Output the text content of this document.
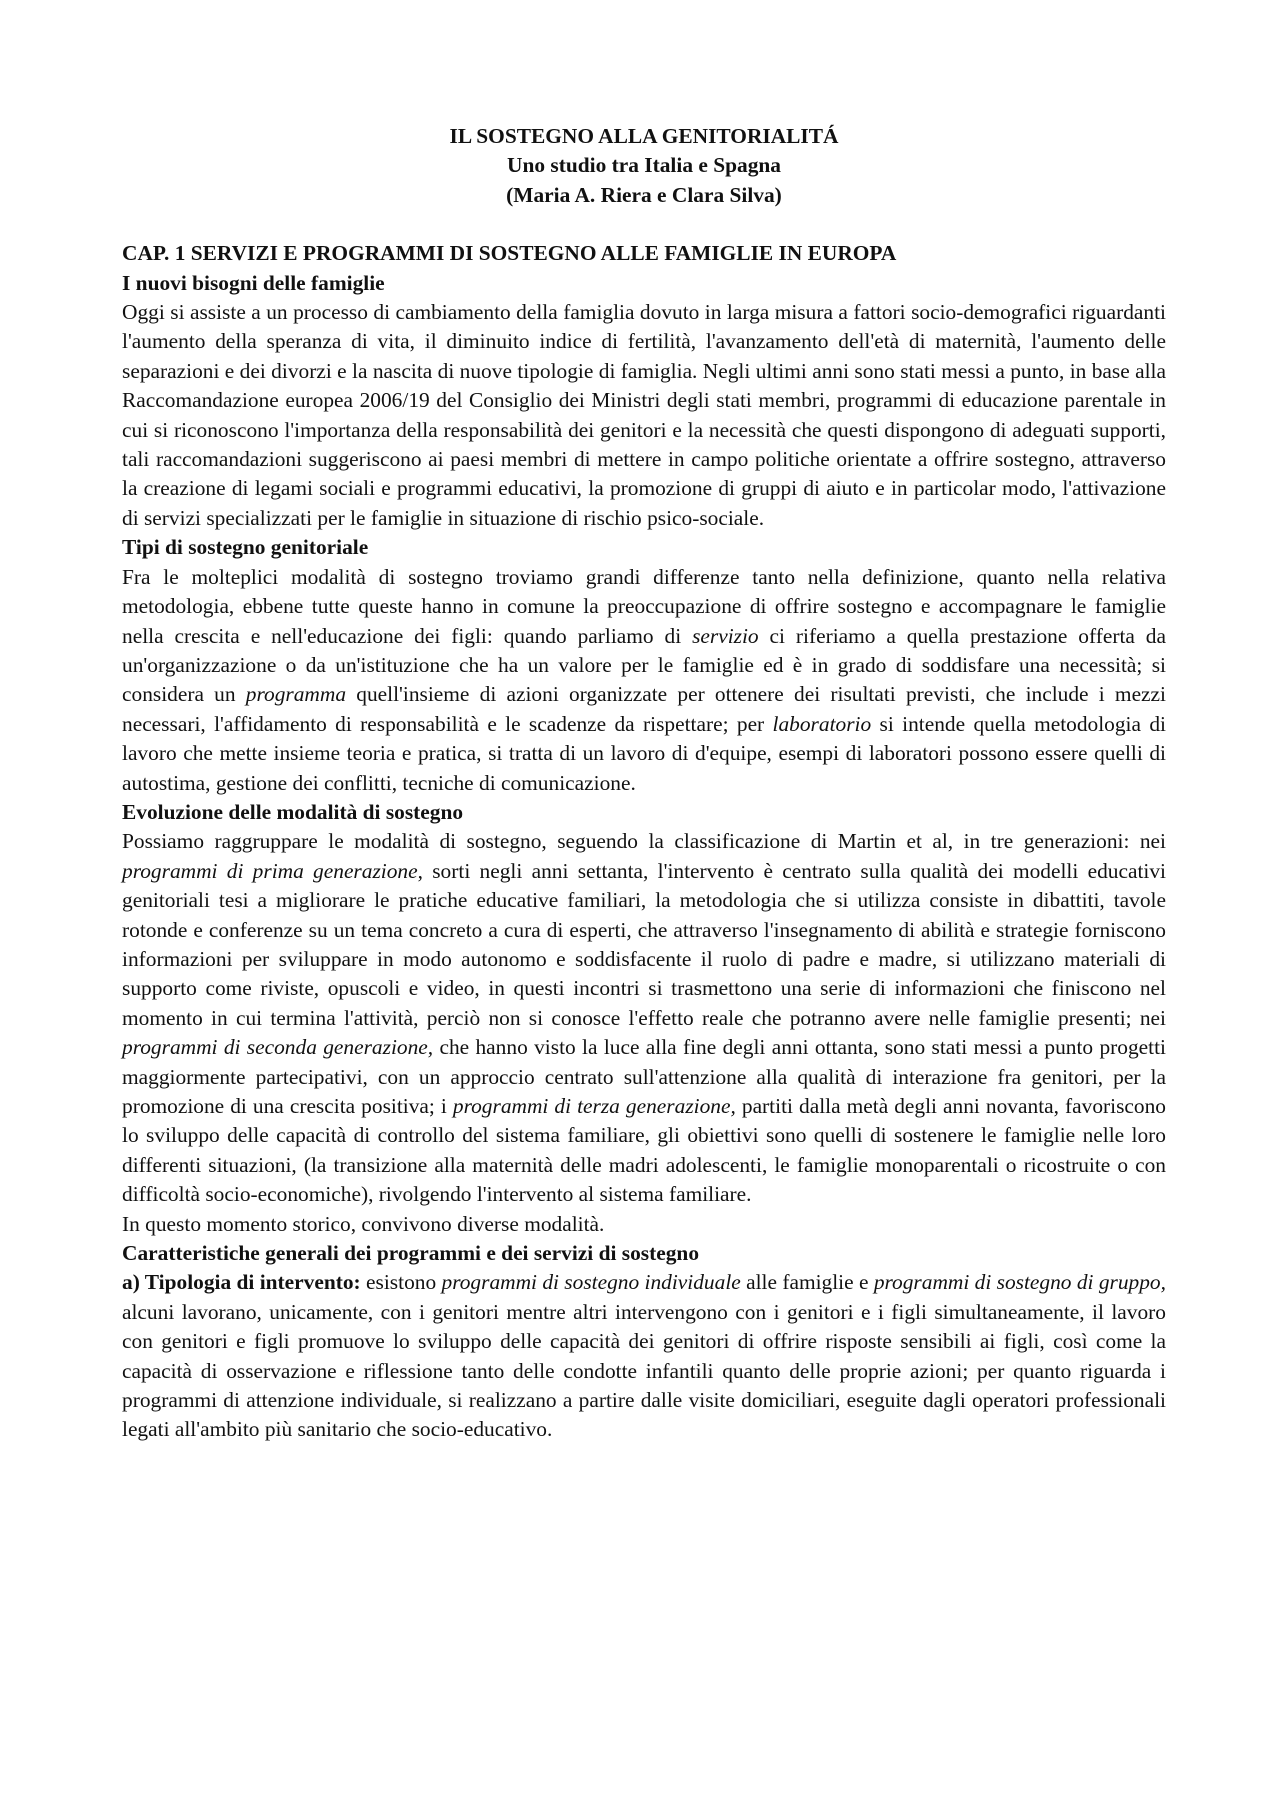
IL SOSTEGNO ALLA GENITORIALITÁ
Uno studio tra Italia e Spagna
(Maria A. Riera e Clara Silva)
CAP. 1 SERVIZI E PROGRAMMI DI SOSTEGNO ALLE FAMIGLIE IN EUROPA
I nuovi bisogni delle famiglie

Oggi si assiste a un processo di cambiamento della famiglia dovuto in larga misura a fattori socio-demografici riguardanti l'aumento della speranza di vita, il diminuito indice di fertilità, l'avanzamento dell'età di maternità, l'aumento delle separazioni e dei divorzi e la nascita di nuove tipologie di famiglia. Negli ultimi anni sono stati messi a punto, in base alla Raccomandazione europea 2006/19 del Consiglio dei Ministri degli stati membri, programmi di educazione parentale in cui si riconoscono l'importanza della responsabilità dei genitori e la necessità che questi dispongono di adeguati supporti, tali raccomandazioni suggeriscono ai paesi membri di mettere in campo politiche orientate a offrire sostegno, attraverso la creazione di legami sociali e programmi educativi, la promozione di gruppi di aiuto e in particolar modo, l'attivazione di servizi specializzati per le famiglie in situazione di rischio psico-sociale.

Tipi di sostegno genitoriale

Fra le molteplici modalità di sostegno troviamo grandi differenze tanto nella definizione, quanto nella relativa metodologia, ebbene tutte queste hanno in comune la preoccupazione di offrire sostegno e accompagnare le famiglie nella crescita e nell'educazione dei figli: quando parliamo di servizio ci riferiamo a quella prestazione offerta da un'organizzazione o da un'istituzione che ha un valore per le famiglie ed è in grado di soddisfare una necessità; si considera un programma quell'insieme di azioni organizzate per ottenere dei risultati previsti, che include i mezzi necessari, l'affidamento di responsabilità e le scadenze da rispettare; per laboratorio si intende quella metodologia di lavoro che mette insieme teoria e pratica, si tratta di un lavoro di d'equipe, esempi di laboratori possono essere quelli di autostima, gestione dei conflitti, tecniche di comunicazione.

Evoluzione delle modalità di sostegno

Possiamo raggruppare le modalità di sostegno, seguendo la classificazione di Martin et al, in tre generazioni: nei programmi di prima generazione, sorti negli anni settanta, l'intervento è centrato sulla qualità dei modelli educativi genitoriali tesi a migliorare le pratiche educative familiari, la metodologia che si utilizza consiste in dibattiti, tavole rotonde e conferenze su un tema concreto a cura di esperti, che attraverso l'insegnamento di abilità e strategie forniscono informazioni per sviluppare in modo autonomo e soddisfacente il ruolo di padre e madre, si utilizzano materiali di supporto come riviste, opuscoli e video, in questi incontri si trasmettono una serie di informazioni che finiscono nel momento in cui termina l'attività, perciò non si conosce l'effetto reale che potranno avere nelle famiglie presenti; nei programmi di seconda generazione, che hanno visto la luce alla fine degli anni ottanta, sono stati messi a punto progetti maggiormente partecipativi, con un approccio centrato sull'attenzione alla qualità di interazione fra genitori, per la promozione di una crescita positiva; i programmi di terza generazione, partiti dalla metà degli anni novanta, favoriscono lo sviluppo delle capacità di controllo del sistema familiare, gli obiettivi sono quelli di sostenere le famiglie nelle loro differenti situazioni, (la transizione alla maternità delle madri adolescenti, le famiglie monoparentali o ricostruite o con difficoltà socio-economiche), rivolgendo l'intervento al sistema familiare.

In questo momento storico, convivono diverse modalità.

Caratteristiche generali dei programmi e dei servizi di sostegno

a) Tipologia di intervento: esistono programmi di sostegno individuale alle famiglie e programmi di sostegno di gruppo, alcuni lavorano, unicamente, con i genitori mentre altri intervengono con i genitori e i figli simultaneamente, il lavoro con genitori e figli promuove lo sviluppo delle capacità dei genitori di offrire risposte sensibili ai figli, così come la capacità di osservazione e riflessione tanto delle condotte infantili quanto delle proprie azioni; per quanto riguarda i programmi di attenzione individuale, si realizzano a partire dalle visite domiciliari, eseguite dagli operatori professionali legati all'ambito più sanitario che socio-educativo.
